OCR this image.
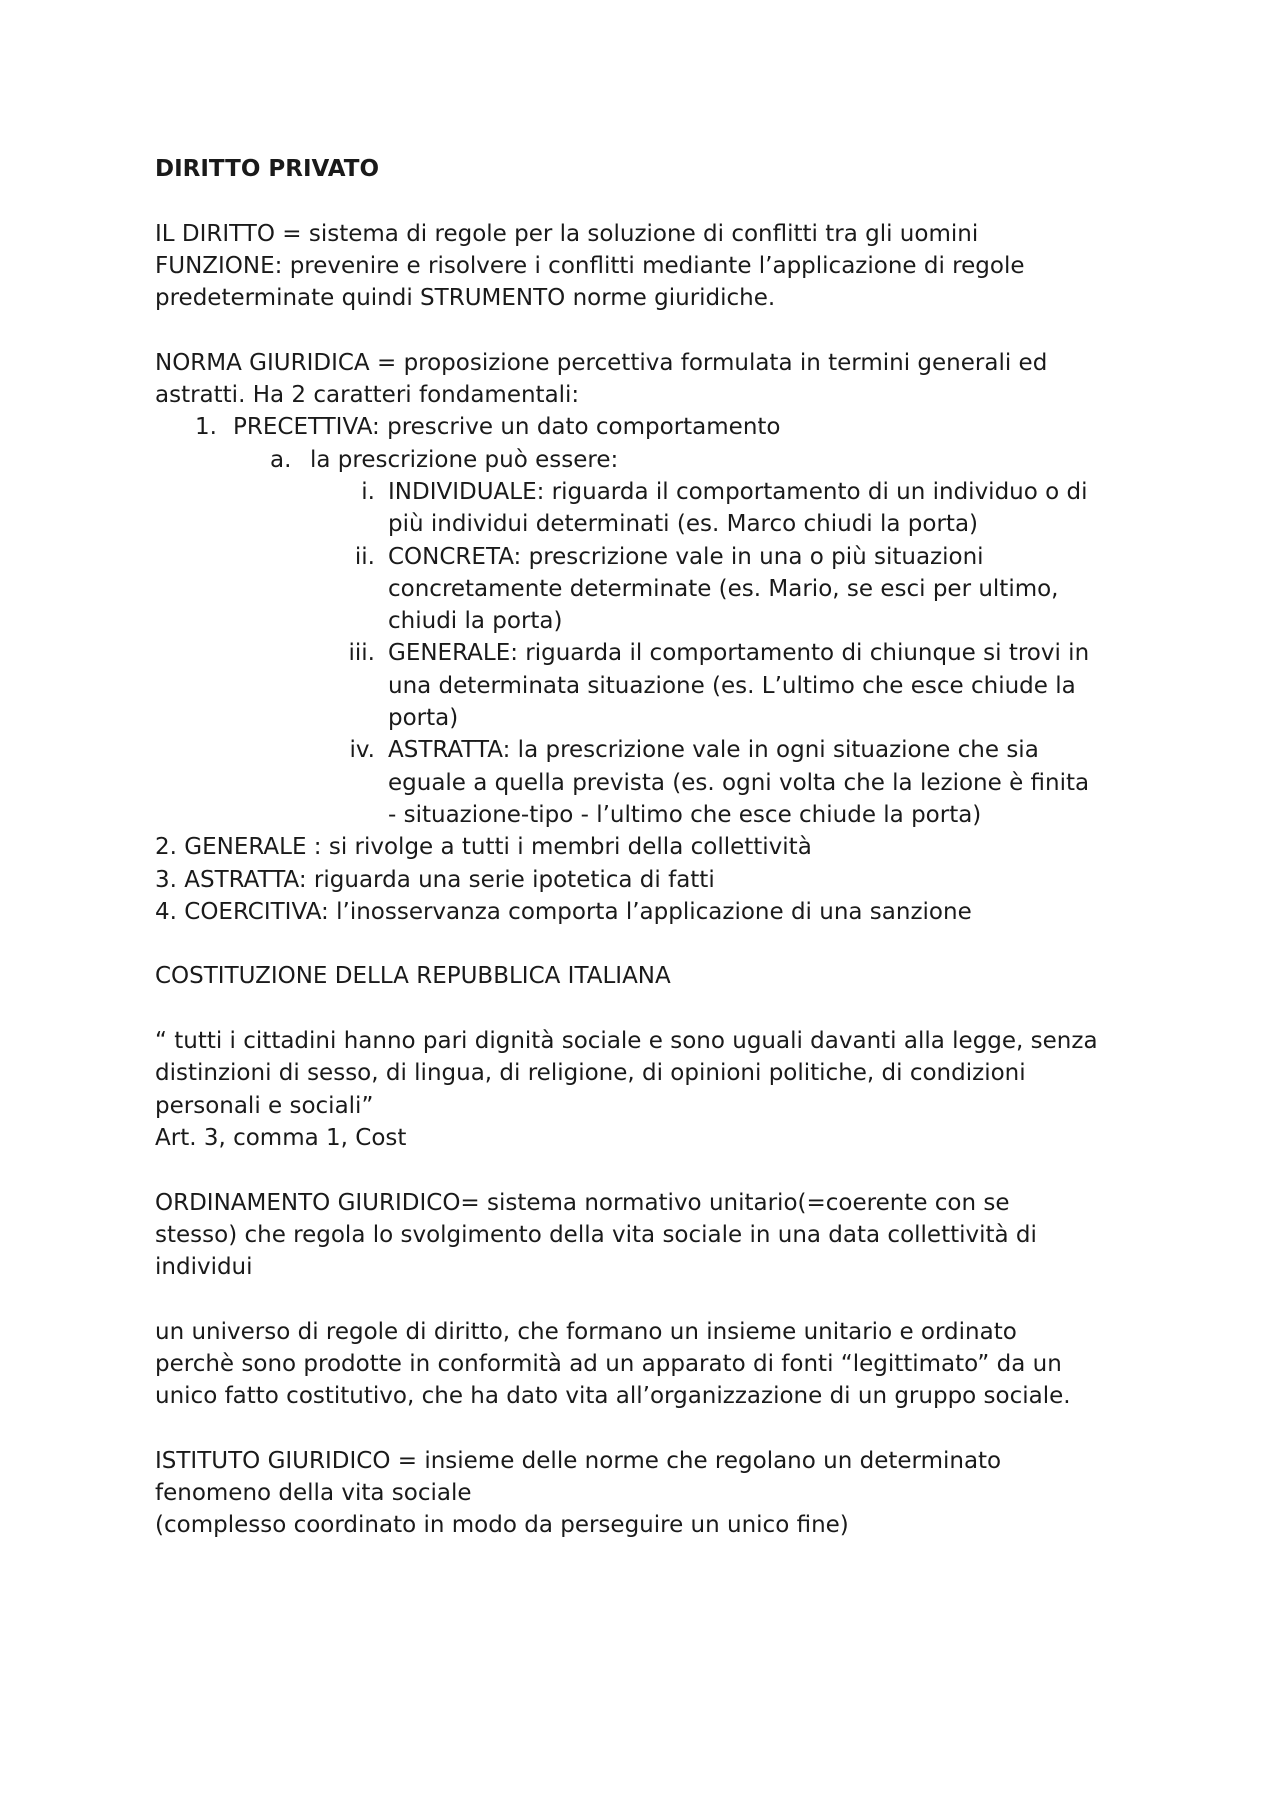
DIRITTO PRIVATO

IL DIRITTO = sistema di regole per la soluzione di conflitti tra gli uomini

FUNZIONE: prevenire e risolvere i conflitti mediante l’applicazione di regole

predeterminate quindi STRUMENTO norme giuridiche.

NORMA GIURIDICA = proposizione percettiva formulata in termini generali ed

astratti. Ha 2 caratteri fondamentali:

1. PRECETTIVA: prescrive un dato comportamento

a. la prescrizione può essere:

i. INDIVIDUALE: riguarda il comportamento di un individuo o di

più individui determinati (es. Marco chiudi la porta)

ii. CONCRETA: prescrizione vale in una o più situazioni

concretamente determinate (es. Mario, se esci per ultimo,

chiudi la porta)

iii. GENERALE: riguarda il comportamento di chiunque si trovi in

una determinata situazione (es. L’ultimo che esce chiude la

porta)

iv. ASTRATTA: la prescrizione vale in ogni situazione che sia

eguale a quella prevista (es. ogni volta che la lezione è finita

- situazione-tipo - l’ultimo che esce chiude la porta)

2. GENERALE : si rivolge a tutti i membri della collettività

3. ASTRATTA: riguarda una serie ipotetica di fatti

4. COERCITIVA: l’inosservanza comporta l’applicazione di una sanzione

COSTITUZIONE DELLA REPUBBLICA ITALIANA

“ tutti i cittadini hanno pari dignità sociale e sono uguali davanti alla legge, senza

distinzioni di sesso, di lingua, di religione, di opinioni politiche, di condizioni

personali e sociali”

Art. 3, comma 1, Cost

ORDINAMENTO GIURIDICO= sistema normativo unitario(=coerente con se

stesso) che regola lo svolgimento della vita sociale in una data collettività di

individui

un universo di regole di diritto, che formano un insieme unitario e ordinato

perchè sono prodotte in conformità ad un apparato di fonti “legittimato” da un

unico fatto costitutivo, che ha dato vita all’organizzazione di un gruppo sociale.

ISTITUTO GIURIDICO = insieme delle norme che regolano un determinato

fenomeno della vita sociale

(complesso coordinato in modo da perseguire un unico fine)
